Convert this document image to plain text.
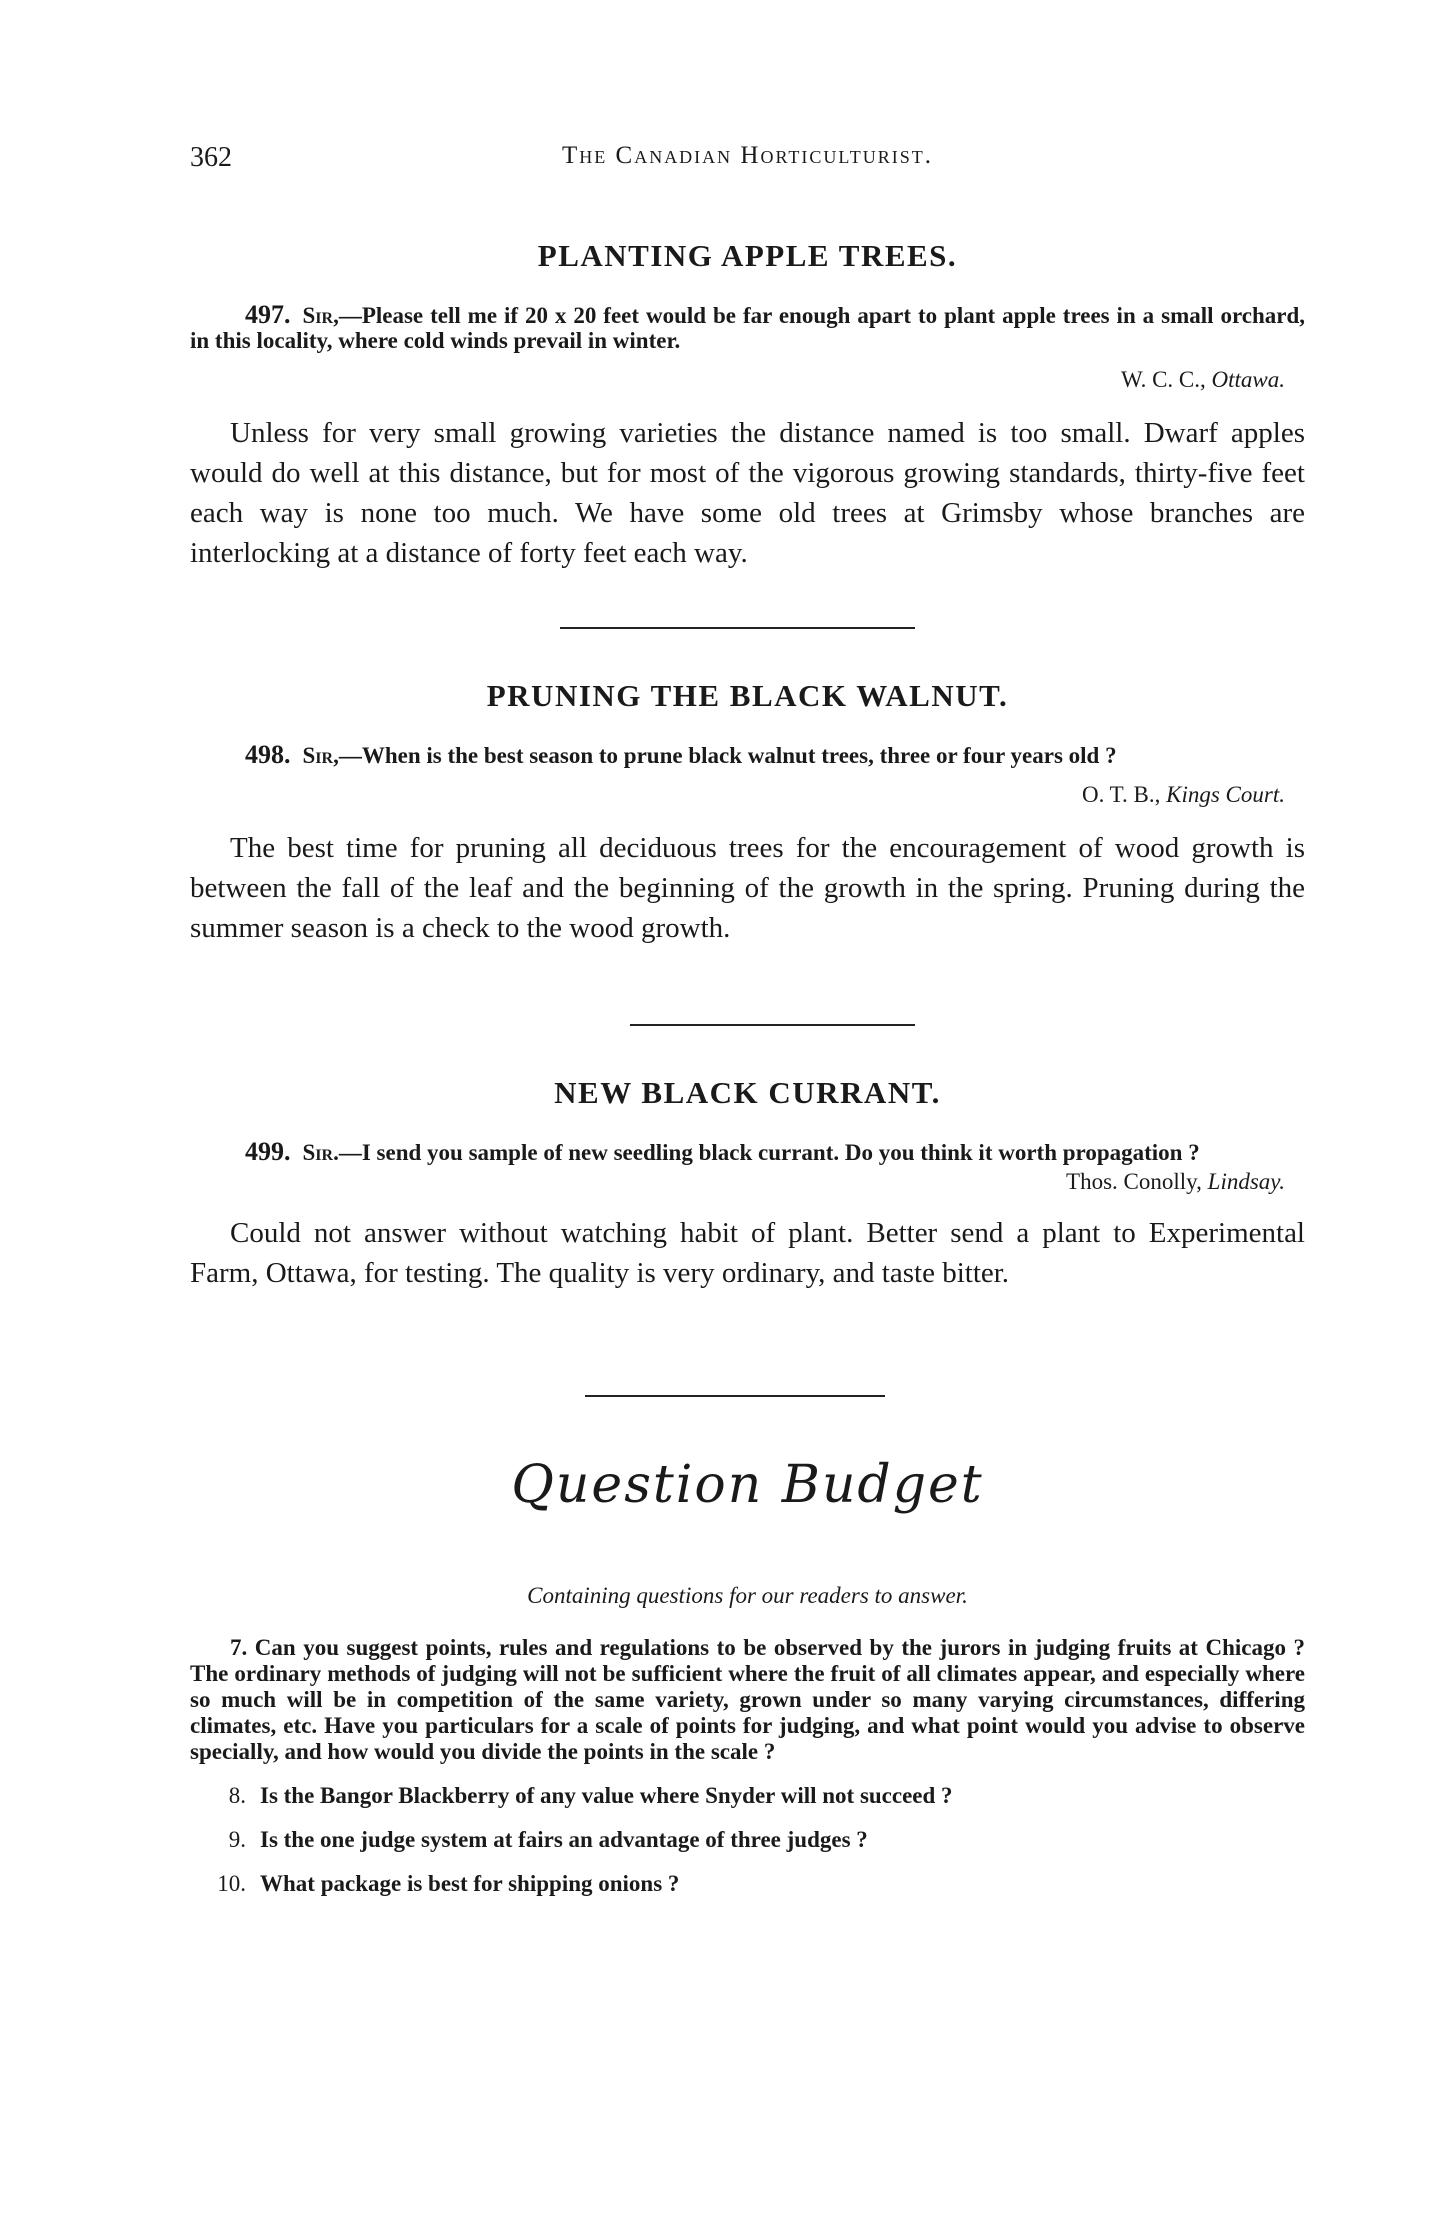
362	The Canadian Horticulturist.
PLANTING APPLE TREES.

497. Sir,—Please tell me if 20 x 20 feet would be far enough apart to plant apple trees in a small orchard, in this locality, where cold winds prevail in winter.

W. C. C., Ottawa.

Unless for very small growing varieties the distance named is too small. Dwarf apples would do well at this distance, but for most of the vigorous growing standards, thirty-five feet each way is none too much. We have some old trees at Grimsby whose branches are interlocking at a distance of forty feet each way.

PRUNING THE BLACK WALNUT.

498. Sir,—When is the best season to prune black walnut trees, three or four years old ?

O. T. B., Kings Court.

The best time for pruning all deciduous trees for the encouragement of wood growth is between the fall of the leaf and the beginning of the growth in the spring. Pruning during the summer season is a check to the wood growth.

NEW BLACK CURRANT.

499. Sir.—I send you sample of new seedling black currant. Do you think it worth propagation ?

Thos. Conolly, Lindsay.

Could not answer without watching habit of plant. Better send a plant to Experimental Farm, Ottawa, for testing. The quality is very ordinary, and taste bitter.

Question Budget
Containing questions for our readers to answer.

7. Can you suggest points, rules and regulations to be observed by the jurors in judging fruits at Chicago ? The ordinary methods of judging will not be sufficient where the fruit of all climates appear, and especially where so much will be in competition of the same variety, grown under so many varying circumstances, differing climates, etc. Have you particulars for a scale of points for judging, and what point would you advise to observe specially, and how would you divide the points in the scale ?

8. Is the Bangor Blackberry of any value where Snyder will not succeed ?

9. Is the one judge system at fairs an advantage of three judges ?

10. What package is best for shipping onions ?
